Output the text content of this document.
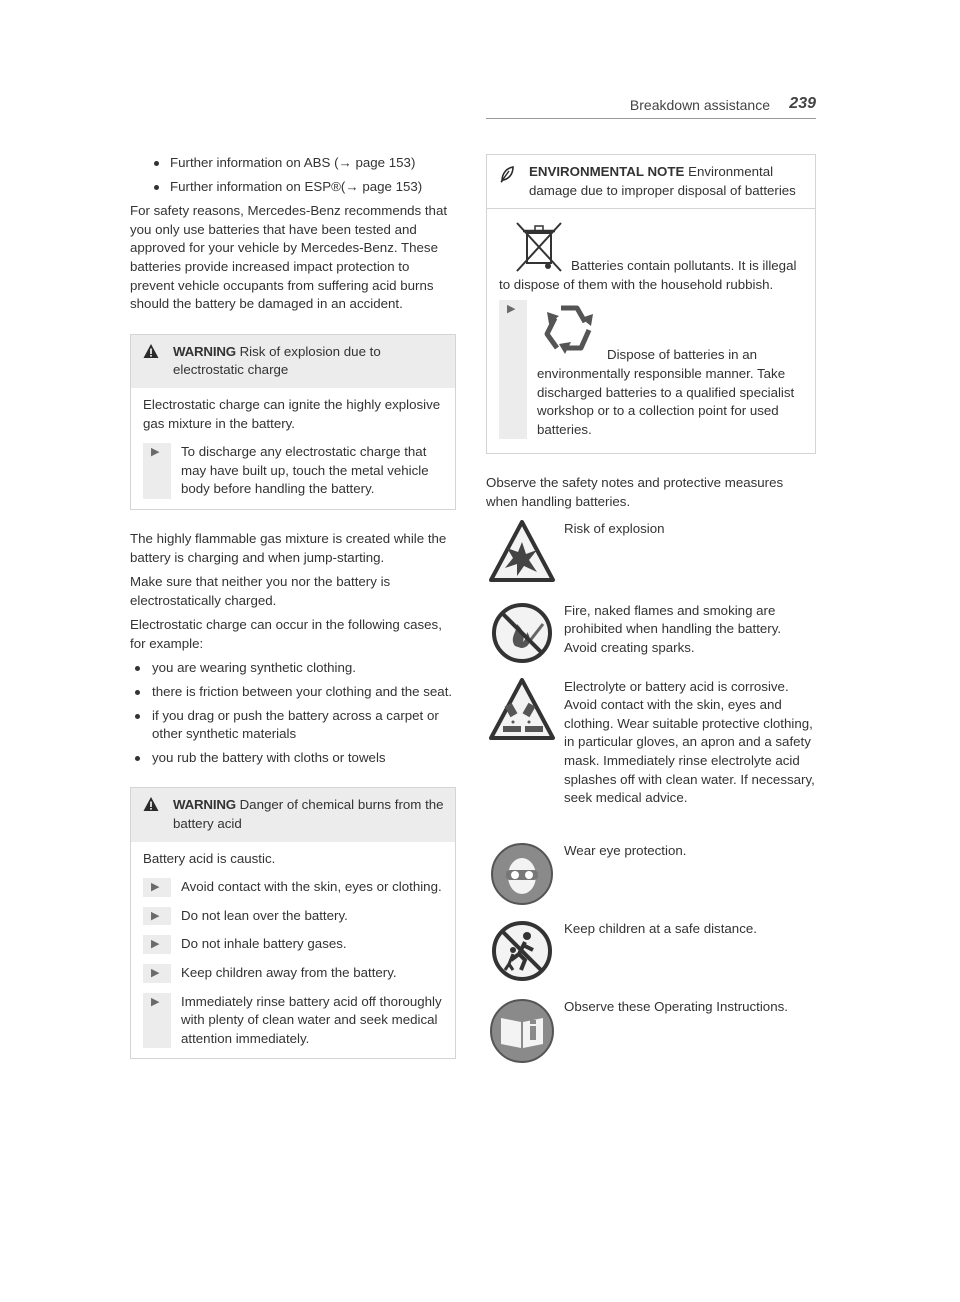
Breakdown assistance 239
Further information on ABS (→ page 153)
Further information on ESP®(→ page 153)

For safety reasons, Mercedes-Benz recommends that you only use batteries that have been tested and approved for your vehicle by Mercedes-Benz. These batteries provide increased impact protection to prevent vehicle occupants from suffering acid burns should the battery be damaged in an accident.

WARNING Risk of explosion due to electrostatic charge
Electrostatic charge can ignite the highly explosive gas mixture in the battery.
▶	To discharge any electrostatic charge that may have built up, touch the metal vehicle body before handling the battery.

The highly flammable gas mixture is created while the battery is charging and when jump-starting.

Make sure that neither you nor the battery is electrostatically charged.

Electrostatic charge can occur in the following cases, for example:

you are wearing synthetic clothing.
there is friction between your clothing and the seat.
if you drag or push the battery across a carpet or other synthetic materials
you rub the battery with cloths or towels
WARNING Danger of chemical burns from the battery acid
Battery acid is caustic.
▶	Avoid contact with the skin, eyes or clothing.
▶	Do not lean over the battery.
▶	Do not inhale battery gases.
▶	Keep children away from the battery.
▶	Immediately rinse battery acid off thoroughly with plenty of clean water and seek medical attention immediately.
ENVIRONMENTAL NOTE Environmental damage due to improper disposal of batteries
Batteries contain pollutants. It is illegal to dispose of them with the household rubbish.
▶
Dispose of batteries in an environmentally responsible manner. Take discharged batteries to a qualified specialist workshop or to a collection point for used batteries.

Observe the safety notes and protective measures when handling batteries.

Risk of explosion
Fire, naked flames and smoking are prohibited when handling the battery. Avoid creating sparks.
Electrolyte or battery acid is corrosive. Avoid contact with the skin, eyes and clothing. Wear suitable protective clothing, in particular gloves, an apron and a safety mask. Immediately rinse electrolyte acid splashes off with clean water. If necessary, seek medical advice.
Wear eye protection.
Keep children at a safe distance.
Observe these Operating Instructions.
